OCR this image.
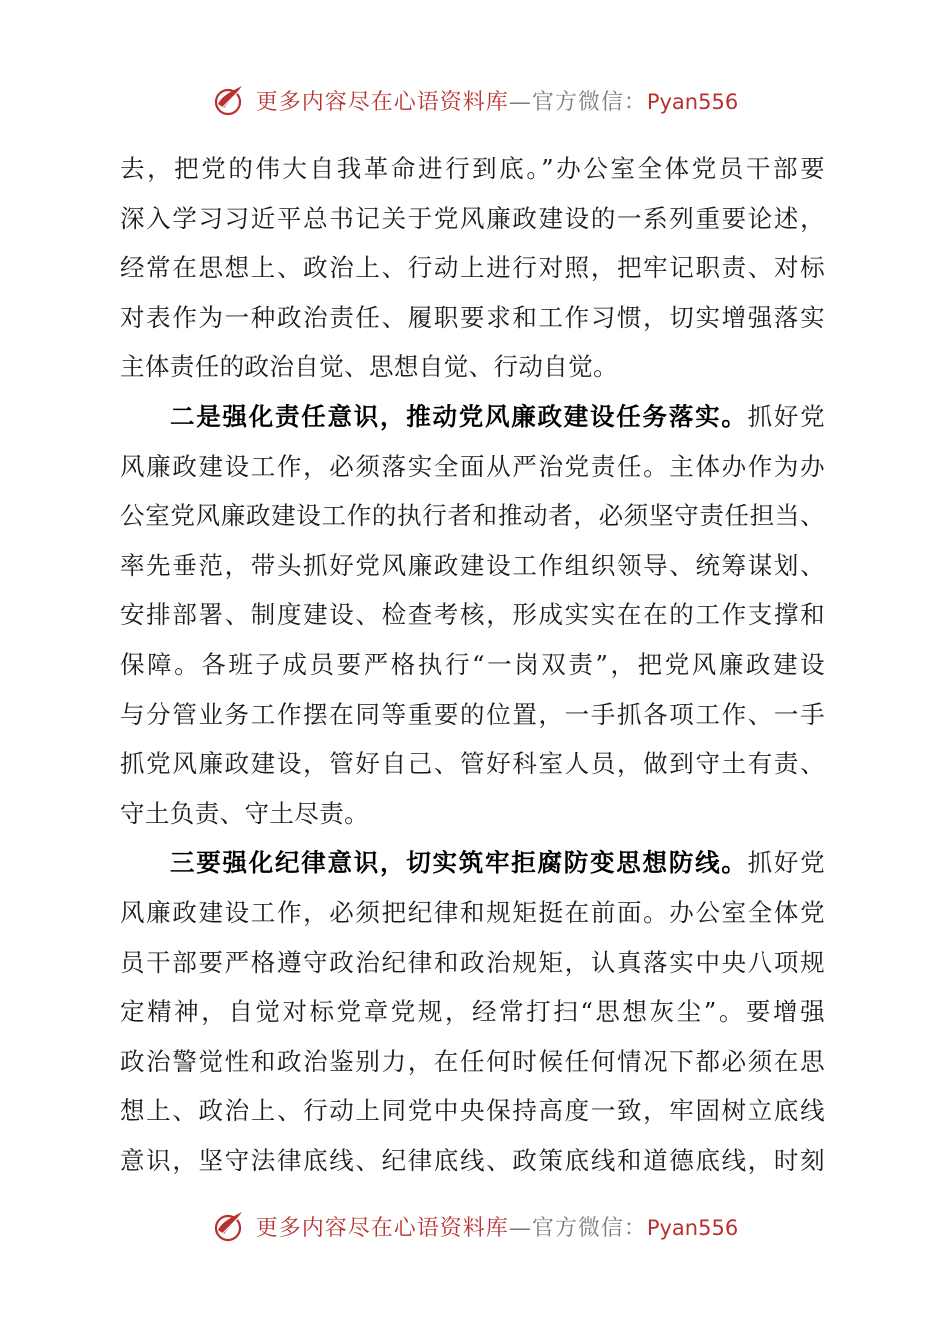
更多内容尽在心语资料库—官方微信：Pyan556
去，把党的伟大自我革命进行到底。”办公室全体党员干部要
深入学习习近平总书记关于党风廉政建设的一系列重要论述，
经常在思想上、政治上、行动上进行对照，把牢记职责、对标
对表作为一种政治责任、履职要求和工作习惯，切实增强落实
主体责任的政治自觉、思想自觉、行动自觉。
二是强化责任意识，推动党风廉政建设任务落实。抓好党
风廉政建设工作，必须落实全面从严治党责任。主体办作为办
公室党风廉政建设工作的执行者和推动者，必须坚守责任担当、
率先垂范，带头抓好党风廉政建设工作组织领导、统筹谋划、
安排部署、制度建设、检查考核，形成实实在在的工作支撑和
保障。各班子成员要严格执行“一岗双责”，把党风廉政建设
与分管业务工作摆在同等重要的位置，一手抓各项工作、一手
抓党风廉政建设，管好自己、管好科室人员，做到守土有责、
守土负责、守土尽责。
三要强化纪律意识，切实筑牢拒腐防变思想防线。抓好党
风廉政建设工作，必须把纪律和规矩挺在前面。办公室全体党
员干部要严格遵守政治纪律和政治规矩，认真落实中央八项规
定精神，自觉对标党章党规，经常打扫“思想灰尘”。要增强
政治警觉性和政治鉴别力，在任何时候任何情况下都必须在思
想上、政治上、行动上同党中央保持高度一致，牢固树立底线
意识，坚守法律底线、纪律底线、政策底线和道德底线，时刻
更多内容尽在心语资料库—官方微信：Pyan556
